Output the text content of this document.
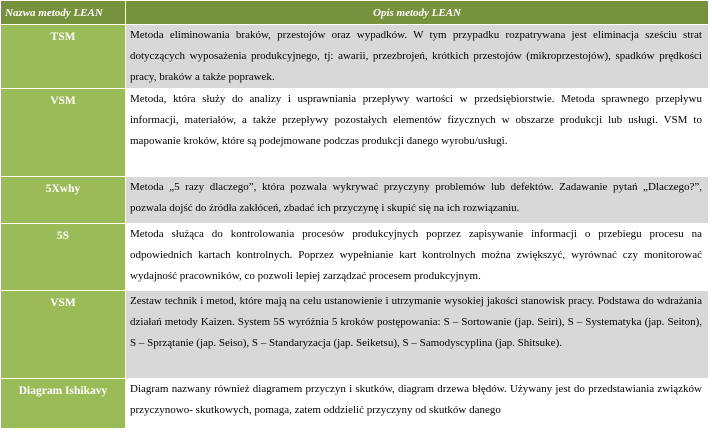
Nazwa metody LEAN	Opis metody LEAN
TSM	Metoda eliminowania braków, przestojów oraz wypadków. W tym przypadku rozpatrywana jest eliminacja sześciu strat dotyczących wyposażenia produkcyjnego, tj: awarii, przezbrojeń, krótkich przestojów (mikroprzestojów), spadków prędkości pracy, braków a także poprawek.
VSM	Metoda, która służy do analizy i usprawniania przepływy wartości w przedsiębiorstwie. Metoda sprawnego przepływu informacji, materiałów, a także przepływy pozostałych elementów fizycznych w obszarze produkcji lub usługi. VSM to mapowanie kroków, które są podejmowane podczas produkcji danego wyrobu/usługi.
5Xwhy	Metoda „5 razy dlaczego”, która pozwala wykrywać przyczyny problemów lub defektów. Zadawanie pytań „Dlaczego?”, pozwala dojść do źródła zakłóceń, zbadać ich przyczynę i skupić się na ich rozwiązaniu.
5S	Metoda służąca do kontrolowania procesów produkcyjnych poprzez zapisywanie informacji o przebiegu procesu na odpowiednich kartach kontrolnych. Poprzez wypełnianie kart kontrolnych można zwiększyć, wyrównać czy monitorować wydajność pracowników, co pozwoli lepiej zarządzać procesem produkcyjnym.
VSM	Zestaw technik i metod, które mają na celu ustanowienie i utrzymanie wysokiej jakości stanowisk pracy. Podstawa do wdrażania działań metody Kaizen. System 5S wyróżnia 5 kroków postępowania: S – Sortowanie (jap. Seiri), S – Systematyka (jap. Seiton), S – Sprzątanie (jap. Seiso), S – Standaryzacja (jap. Seiketsu), S – Samodyscyplina (jap. Shitsuke).
Diagram Ishikavy	Diagram nazwany również diagramem przyczyn i skutków, diagram drzewa błędów. Używany jest do przedstawiania związków przyczynowo- skutkowych, pomaga, zatem oddzielić przyczyny od skutków danego
